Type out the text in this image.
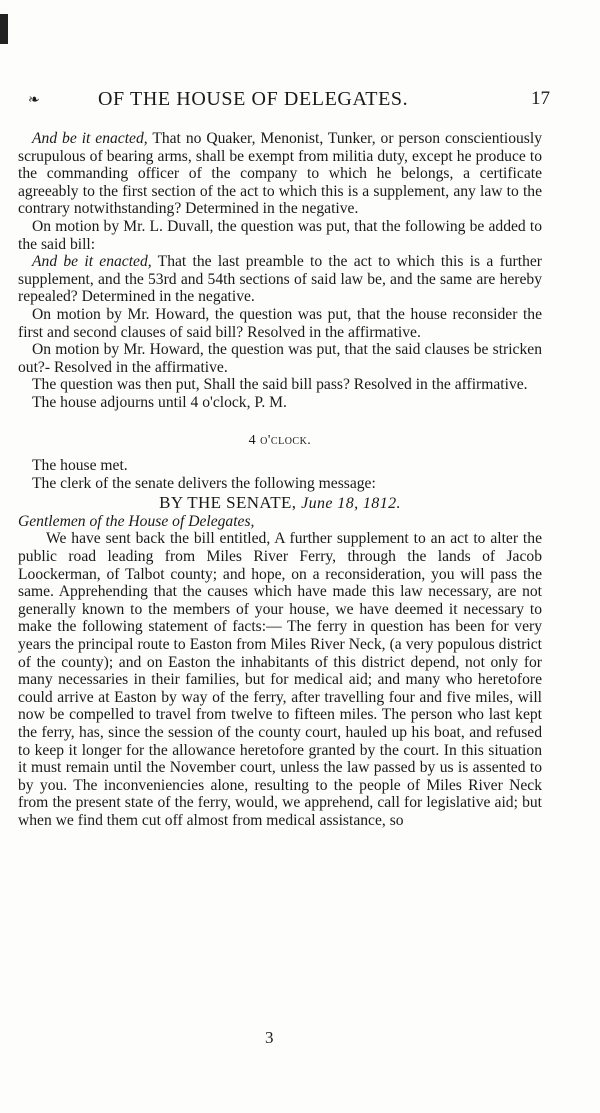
❧	OF THE HOUSE OF DELEGATES.	17

And be it enacted, That no Quaker, Menonist, Tunker, or person conscientiously scrupulous of bearing arms, shall be exempt from militia duty, except he produce to the commanding officer of the company to which he belongs, a certificate agreeably to the first section of the act to which this is a supplement, any law to the contrary notwithstanding? Determined in the negative.

On motion by Mr. L. Duvall, the question was put, that the following be added to the said bill:

And be it enacted, That the last preamble to the act to which this is a further supplement, and the 53rd and 54th sections of said law be, and the same are hereby repealed? Determined in the negative.

On motion by Mr. Howard, the question was put, that the house reconsider the first and second clauses of said bill? Resolved in the affirmative.

On motion by Mr. Howard, the question was put, that the said clauses be stricken out?- Resolved in the affirmative.

The question was then put, Shall the said bill pass? Resolved in the affirmative.

The house adjourns until 4 o'clock, P. M.

4 o'clock.

The house met.

The clerk of the senate delivers the following message:

BY THE SENATE, June 18, 1812.

Gentlemen of the House of Delegates,

We have sent back the bill entitled, A further supplement to an act to alter the public road leading from Miles River Ferry, through the lands of Jacob Loockerman, of Talbot county; and hope, on a reconsideration, you will pass the same. Apprehending that the causes which have made this law necessary, are not generally known to the members of your house, we have deemed it necessary to make the following statement of facts:— The ferry in question has been for very years the principal route to Easton from Miles River Neck, (a very populous district of the county); and on Easton the inhabitants of this district depend, not only for many necessaries in their families, but for medical aid; and many who heretofore could arrive at Easton by way of the ferry, after travelling four and five miles, will now be compelled to travel from twelve to fifteen miles. The person who last kept the ferry, has, since the session of the county court, hauled up his boat, and refused to keep it longer for the allowance heretofore granted by the court. In this situation it must remain until the November court, unless the law passed by us is assented to by you. The inconveniencies alone, resulting to the people of Miles River Neck from the present state of the ferry, would, we apprehend, call for legislative aid; but when we find them cut off almost from medical assistance, so

3
